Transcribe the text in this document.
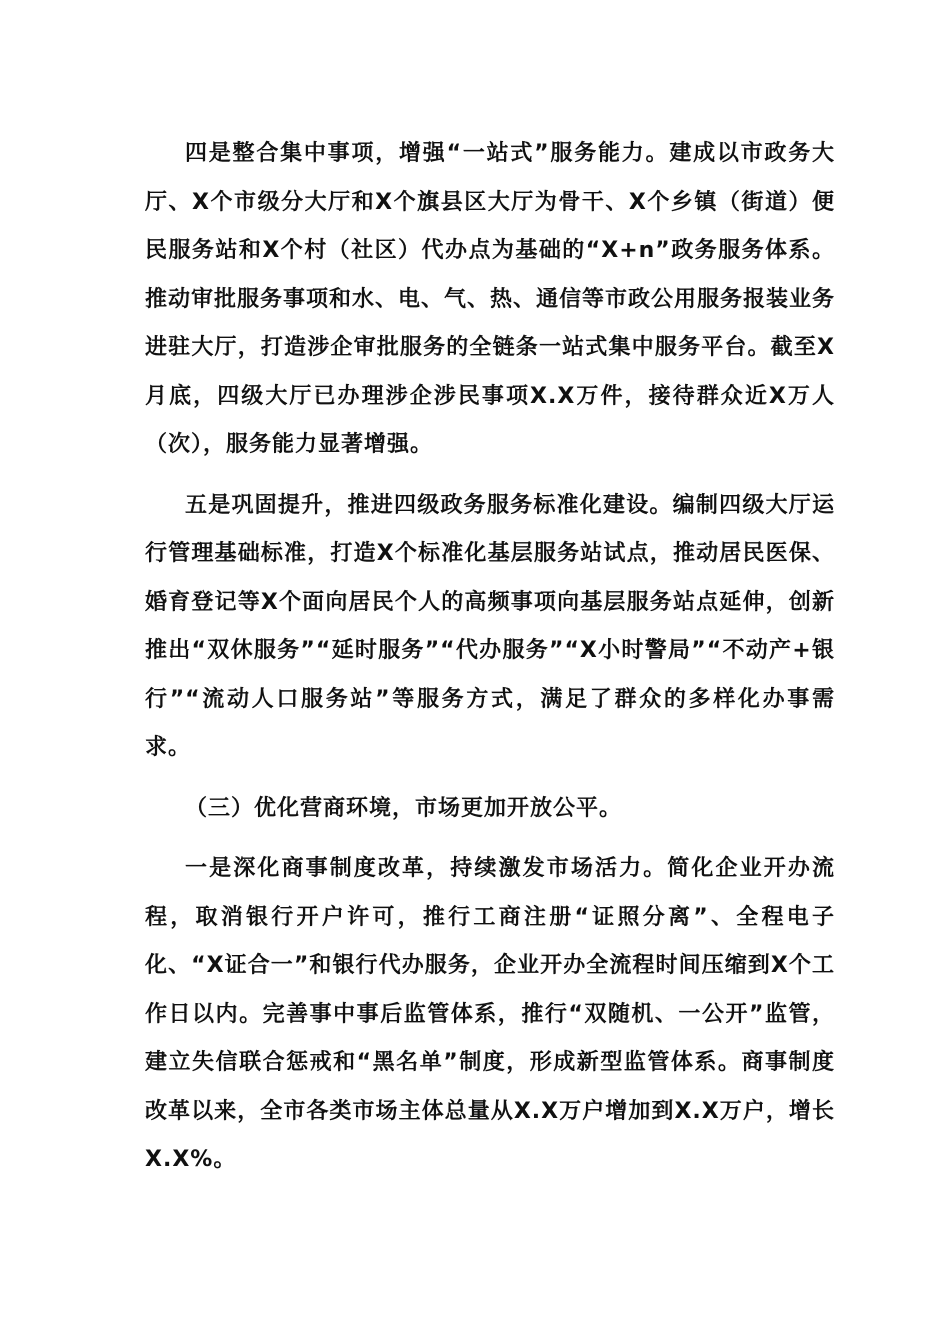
四是整合集中事项，增强“一站式”服务能力。建成以市政务大厅、X个市级分大厅和X个旗县区大厅为骨干、X个乡镇（街道）便民服务站和X个村（社区）代办点为基础的“X+n”政务服务体系。推动审批服务事项和水、电、气、热、通信等市政公用服务报装业务进驻大厅，打造涉企审批服务的全链条一站式集中服务平台。截至X月底，四级大厅已办理涉企涉民事项X.X万件，接待群众近X万人（次），服务能力显著增强。

五是巩固提升，推进四级政务服务标准化建设。编制四级大厅运行管理基础标准，打造X个标准化基层服务站试点，推动居民医保、婚育登记等X个面向居民个人的高频事项向基层服务站点延伸，创新推出“双休服务”“延时服务”“代办服务”“X小时警局”“不动产+银行”“流动人口服务站”等服务方式，满足了群众的多样化办事需求。

（三）优化营商环境，市场更加开放公平。

一是深化商事制度改革，持续激发市场活力。简化企业开办流程，取消银行开户许可，推行工商注册“证照分离”、全程电子化、“X证合一”和银行代办服务，企业开办全流程时间压缩到X个工作日以内。完善事中事后监管体系，推行“双随机、一公开”监管，建立失信联合惩戒和“黑名单”制度，形成新型监管体系。商事制度改革以来，全市各类市场主体总量从X.X万户增加到X.X万户，增长X.X%。
